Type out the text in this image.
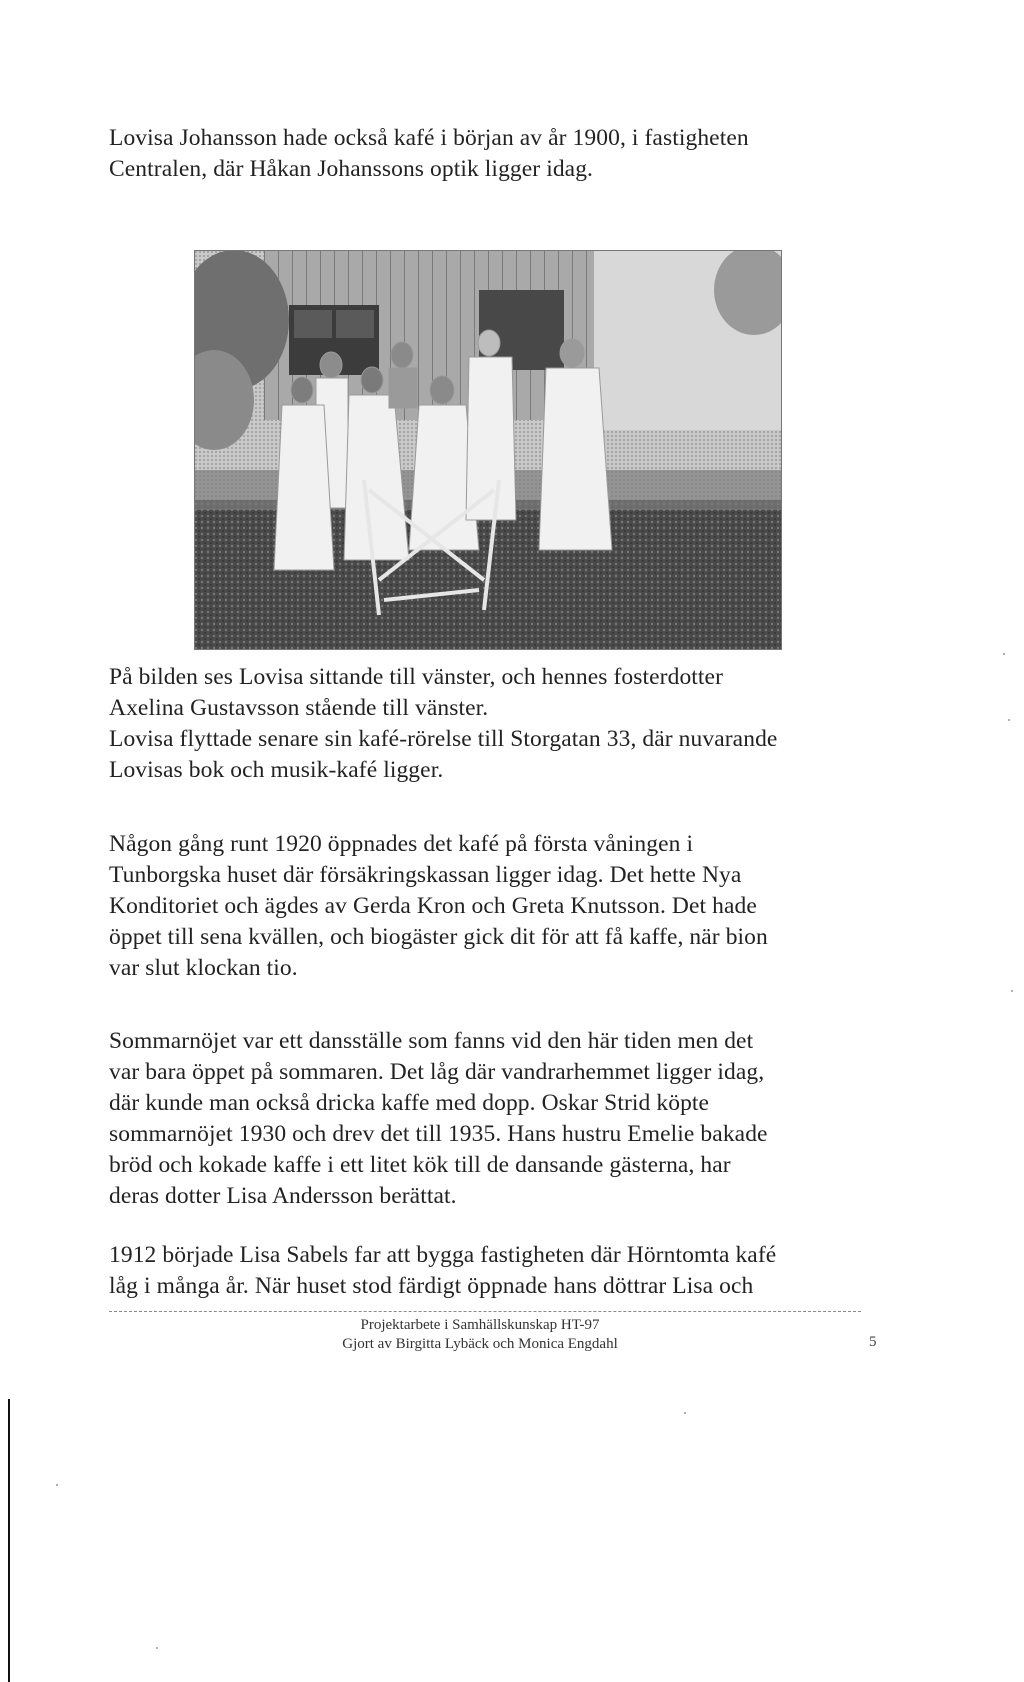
Lovisa Johansson hade också kafé i början av år 1900, i fastigheten
Centralen, där Håkan Johanssons optik ligger idag.

På bilden ses Lovisa sittande till vänster, och hennes fosterdotter
Axelina Gustavsson stående till vänster.
Lovisa flyttade senare sin kafé-rörelse till Storgatan 33, där nuvarande
Lovisas bok och musik-kafé ligger.

Någon gång runt 1920 öppnades det kafé på första våningen i
Tunborgska huset där försäkringskassan ligger idag. Det hette Nya
Konditoriet och ägdes av Gerda Kron och Greta Knutsson. Det hade
öppet till sena kvällen, och biogäster gick dit för att få kaffe, när bion
var slut klockan tio.

Sommarnöjet var ett dansställe som fanns vid den här tiden men det
var bara öppet på sommaren. Det låg där vandrarhemmet ligger idag,
där kunde man också dricka kaffe med dopp. Oskar Strid köpte
sommarnöjet 1930 och drev det till 1935. Hans hustru Emelie bakade
bröd och kokade kaffe i ett litet kök till de dansande gästerna, har
deras dotter Lisa Andersson berättat.

1912 började Lisa Sabels far att bygga fastigheten där Hörntomta kafé
låg i många år. När huset stod färdigt öppnade hans döttrar Lisa och

Projektarbete i Samhällskunskap HT-97
Gjort av Birgitta Lybäck och Monica Engdahl	5
